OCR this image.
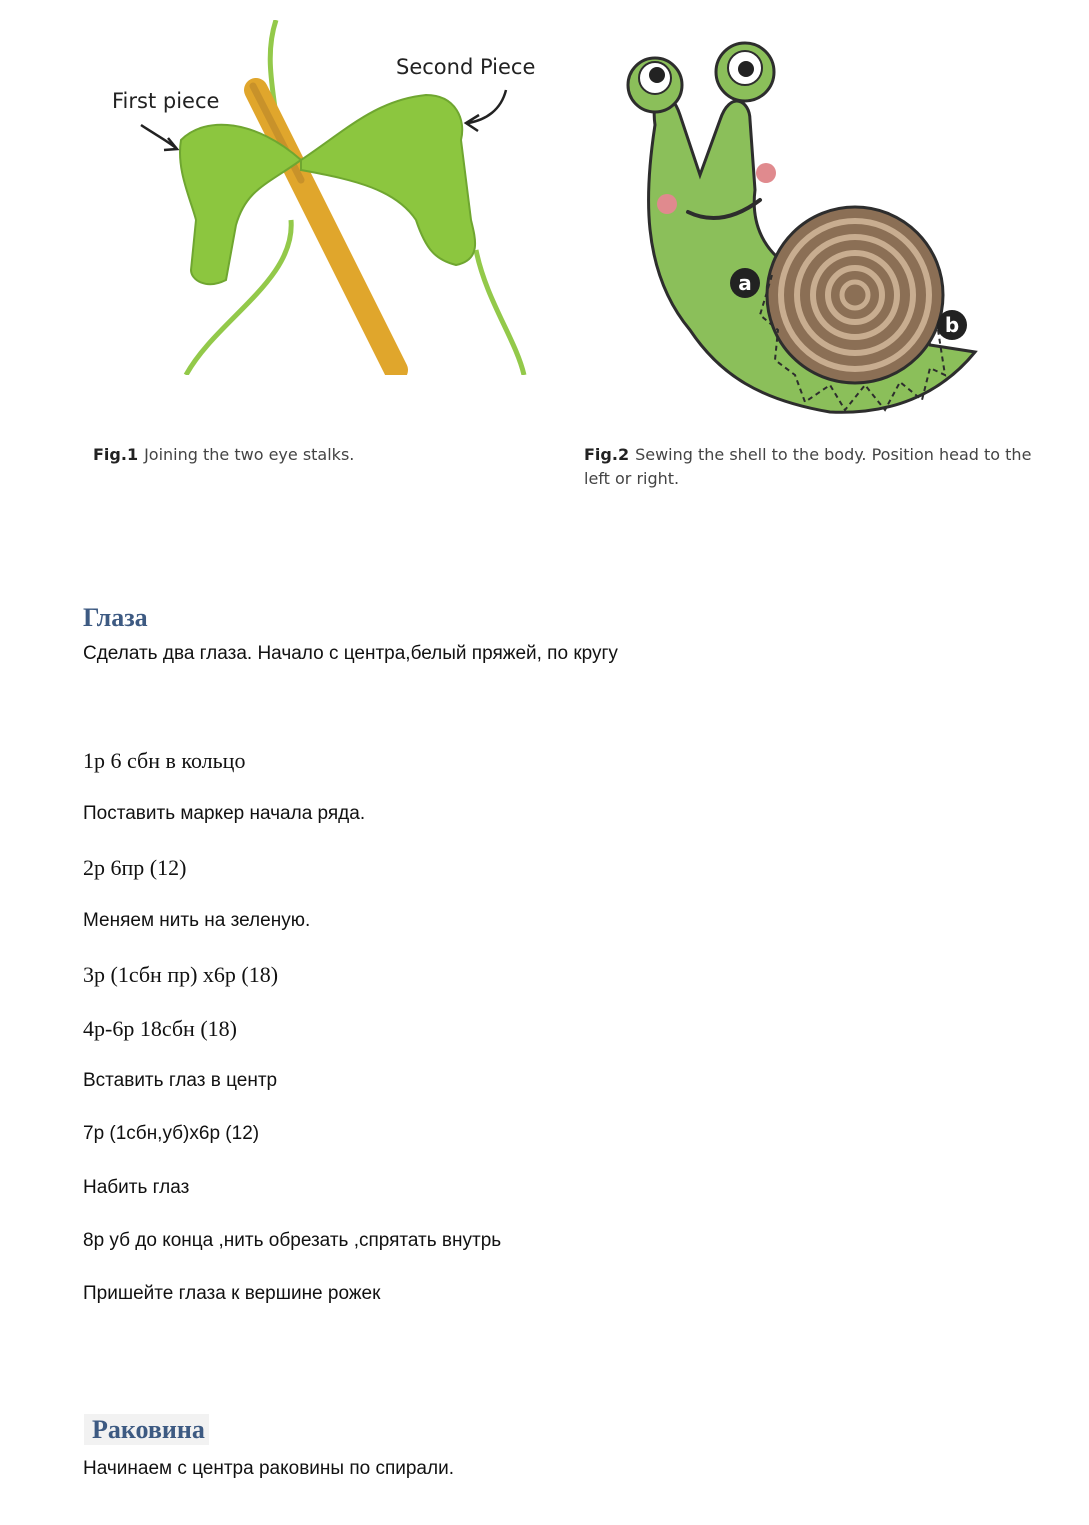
First piece
Second Piece
a
b
Fig.1 Joining the two eye stalks.	Fig.2 Sewing the shell to the body. Position head to the left or right.
Глаза
Сделать два глаза. Начало с центра,белый пряжей, по кругу
1р 6 сбн в кольцо
Поставить маркер начала ряда.
2р 6пр (12)
Меняем нить на зеленую.
3р (1сбн пр) х6р (18)
4р-6р 18сбн (18)
Вставить глаз в центр
7р (1сбн,уб)х6р (12)
Набить глаз
8р уб до конца ,нить обрезать ,спрятать внутрь
Пришейте глаза к вершине рожек
Раковина
Начинаем с центра раковины по спирали.
